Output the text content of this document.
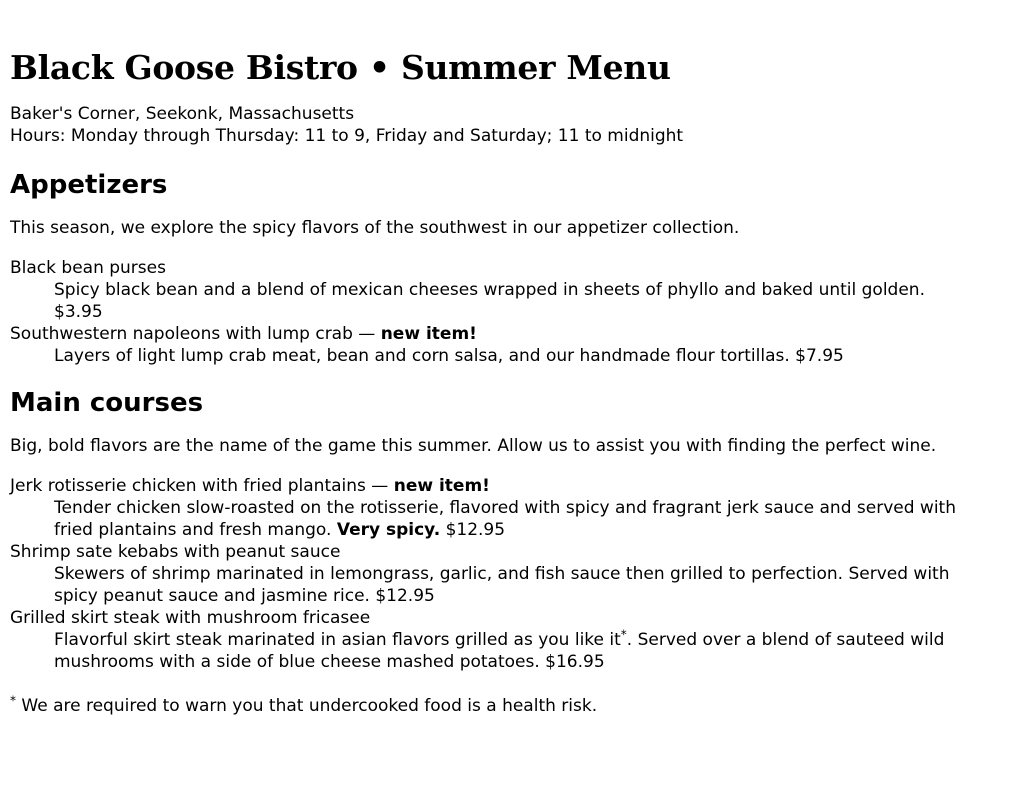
Black Goose Bistro • Summer Menu

Baker's Corner, Seekonk, Massachusetts
Hours: Monday through Thursday: 11 to 9, Friday and Saturday; 11 to midnight

Appetizers

This season, we explore the spicy flavors of the southwest in our appetizer collection.

Black bean purses
Spicy black bean and a blend of mexican cheeses wrapped in sheets of phyllo and baked until golden. $3.95
Southwestern napoleons with lump crab — new item!
Layers of light lump crab meat, bean and corn salsa, and our handmade flour tortillas. $7.95
Main courses

Big, bold flavors are the name of the game this summer. Allow us to assist you with finding the perfect wine.

Jerk rotisserie chicken with fried plantains — new item!
Tender chicken slow-roasted on the rotisserie, flavored with spicy and fragrant jerk sauce and served with fried plantains and fresh mango. Very spicy. $12.95
Shrimp sate kebabs with peanut sauce
Skewers of shrimp marinated in lemongrass, garlic, and fish sauce then grilled to perfection. Served with spicy peanut sauce and jasmine rice. $12.95
Grilled skirt steak with mushroom fricasee
Flavorful skirt steak marinated in asian flavors grilled as you like it*. Served over a blend of sauteed wild mushrooms with a side of blue cheese mashed potatoes. $16.95

* We are required to warn you that undercooked food is a health risk.
